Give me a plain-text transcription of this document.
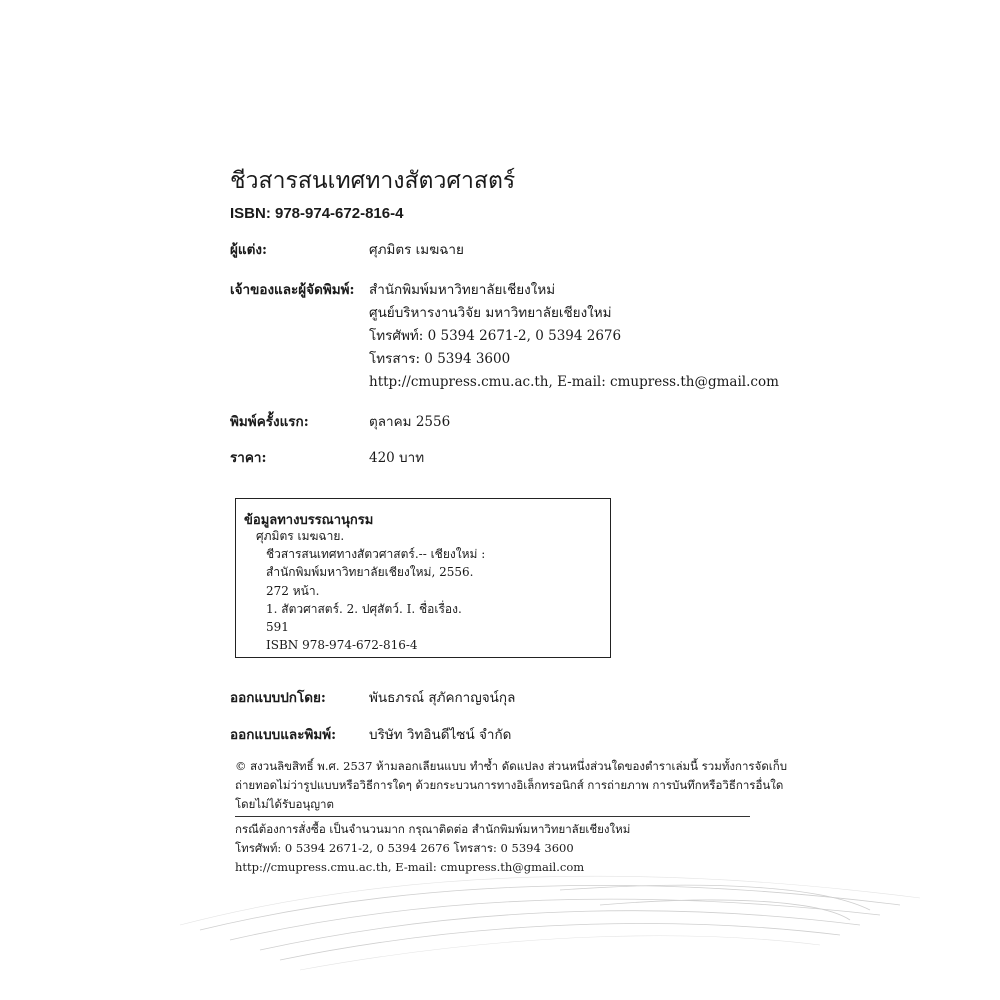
ชีวสารสนเทศทางสัตวศาสตร์
ISBN: 978-974-672-816-4
ผู้แต่ง:	ศุภมิตร เมฆฉาย
เจ้าของและผู้จัดพิมพ์: สำนักพิมพ์มหาวิทยาลัยเชียงใหม่
ศูนย์บริหารงานวิจัย มหาวิทยาลัยเชียงใหม่
โทรศัพท์: 0 5394 2671-2, 0 5394 2676
โทรสาร: 0 5394 3600
http://cmupress.cmu.ac.th, E-mail: cmupress.th@gmail.com
พิมพ์ครั้งแรก:	ตุลาคม 2556
ราคา:	420 บาท
ข้อมูลทางบรรณานุกรม
ศุภมิตร เมฆฉาย.
ชีวสารสนเทศทางสัตวศาสตร์.-- เชียงใหม่ :
สำนักพิมพ์มหาวิทยาลัยเชียงใหม่, 2556.
272 หน้า.
1. สัตวศาสตร์. 2. ปศุสัตว์. I. ชื่อเรื่อง.
591
ISBN 978-974-672-816-4
ออกแบบปกโดย:	พันธภรณ์ สุภัคกาญจน์กุล
ออกแบบและพิมพ์: บริษัท วิทอินดีไซน์ จำกัด
© สงวนลิขสิทธิ์ พ.ศ. 2537 ห้ามลอกเลียนแบบ ทำซ้ำ ดัดแปลง ส่วนหนึ่งส่วนใดของตำราเล่มนี้ รวมทั้งการจัดเก็บ
ถ่ายทอดไม่ว่ารูปแบบหรือวิธีการใดๆ ด้วยกระบวนการทางอิเล็กทรอนิกส์ การถ่ายภาพ การบันทึกหรือวิธีการอื่นใด
โดยไม่ได้รับอนุญาต
กรณีต้องการสั่งซื้อ เป็นจำนวนมาก กรุณาติดต่อ สำนักพิมพ์มหาวิทยาลัยเชียงใหม่
โทรศัพท์: 0 5394 2671-2, 0 5394 2676 โทรสาร: 0 5394 3600
http://cmupress.cmu.ac.th, E-mail: cmupress.th@gmail.com
